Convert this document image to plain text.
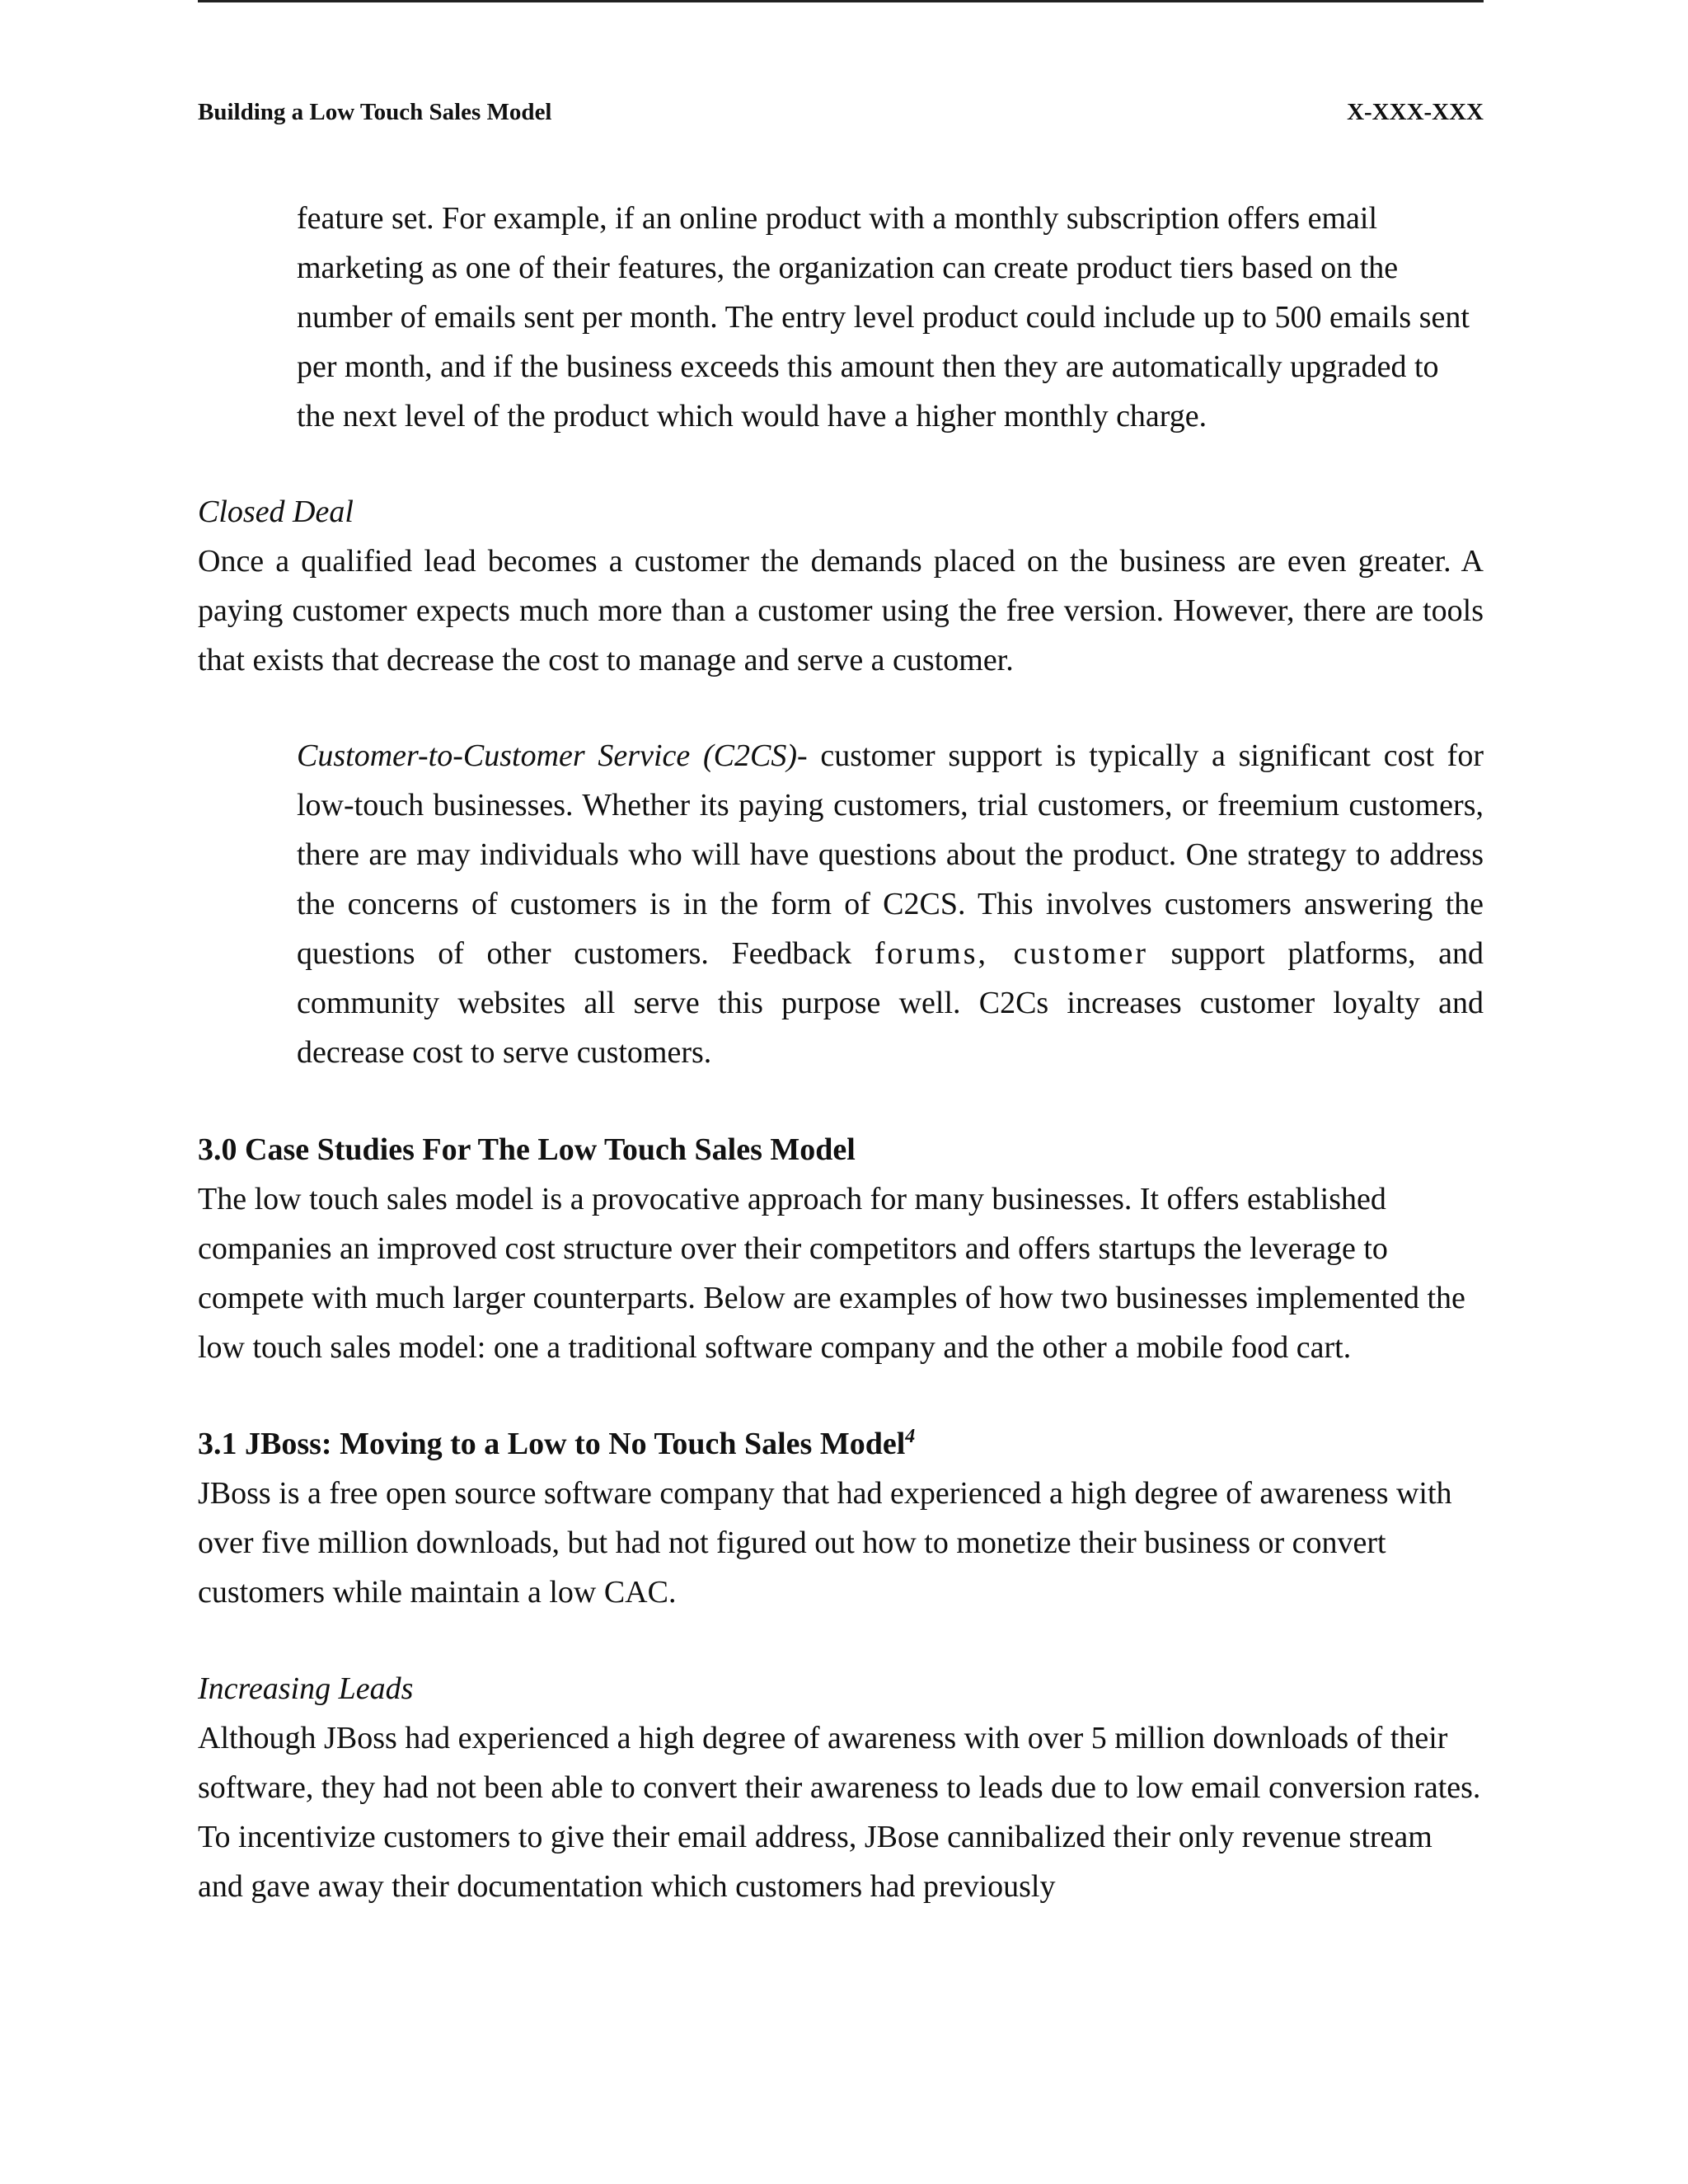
Building a Low Touch Sales Model	X-XXX-XXX

feature set. For example, if an online product with a monthly subscription offers email marketing as one of their features, the organization can create product tiers based on the number of emails sent per month. The entry level product could include up to 500 emails sent per month, and if the business exceeds this amount then they are automatically upgraded to the next level of the product which would have a higher monthly charge.

Closed Deal

Once a qualified lead becomes a customer the demands placed on the business are even greater. A paying customer expects much more than a customer using the free version. However, there are tools that exists that decrease the cost to manage and serve a customer.

Customer-to-Customer Service (C2CS)- customer support is typically a significant cost for low-touch businesses. Whether its paying customers, trial customers, or freemium customers, there are may individuals who will have questions about the product. One strategy to address the concerns of customers is in the form of C2CS. This involves customers answering the questions of other customers. Feedback forums, customer support platforms, and community websites all serve this purpose well. C2Cs increases customer loyalty and decrease cost to serve customers.

3.0 Case Studies For The Low Touch Sales Model

The low touch sales model is a provocative approach for many businesses. It offers established companies an improved cost structure over their competitors and offers startups the leverage to compete with much larger counterparts. Below are examples of how two businesses implemented the low touch sales model: one a traditional software company and the other a mobile food cart.

3.1 JBoss: Moving to a Low to No Touch Sales Model$^4$

JBoss is a free open source software company that had experienced a high degree of awareness with over five million downloads, but had not figured out how to monetize their business or convert customers while maintain a low CAC.

Increasing Leads

Although JBoss had experienced a high degree of awareness with over 5 million downloads of their software, they had not been able to convert their awareness to leads due to low email conversion rates. To incentivize customers to give their email address, JBose cannibalized their only revenue stream and gave away their documentation which customers had previously
